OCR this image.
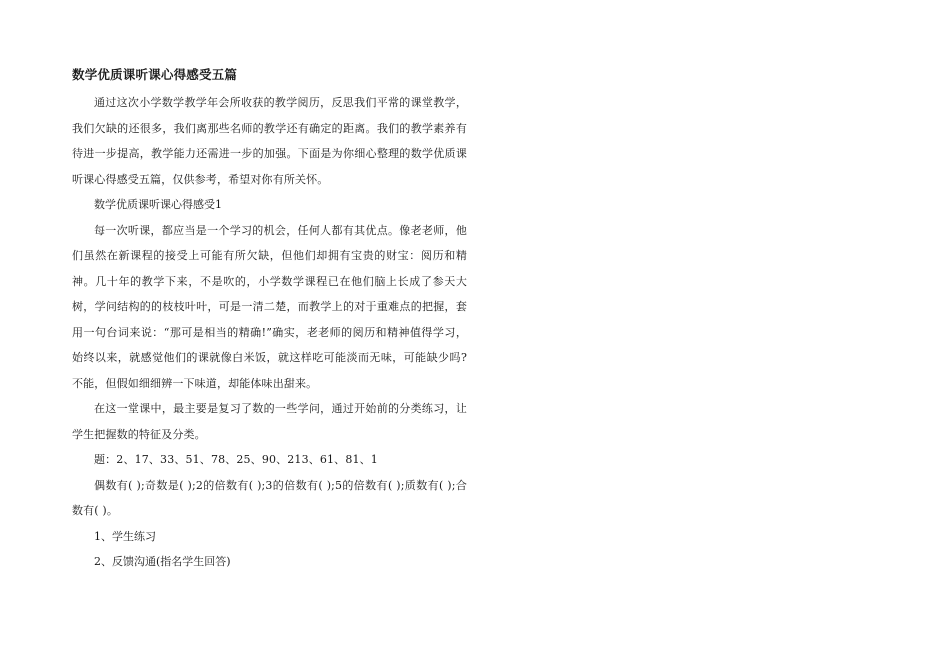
数学优质课听课心得感受五篇

通过这次小学数学教学年会所收获的教学阅历，反思我们平常的课堂教学，我们欠缺的还很多，我们离那些名师的教学还有确定的距离。我们的教学素养有待进一步提高，教学能力还需进一步的加强。下面是为你细心整理的数学优质课听课心得感受五篇，仅供参考，希望对你有所关怀。

数学优质课听课心得感受1

每一次听课，都应当是一个学习的机会，任何人都有其优点。像老老师，他们虽然在新课程的接受上可能有所欠缺，但他们却拥有宝贵的财宝：阅历和精神。几十年的教学下来，不是吹的，小学数学课程已在他们脑上长成了参天大树，学问结构的的枝枝叶叶，可是一清二楚，而教学上的对于重难点的把握，套用一句台词来说：“那可是相当的精确!”确实，老老师的阅历和精神值得学习，始终以来，就感觉他们的课就像白米饭，就这样吃可能淡而无味，可能缺少吗?不能，但假如细细辨一下味道，却能体味出甜来。

在这一堂课中，最主要是复习了数的一些学问，通过开始前的分类练习，让学生把握数的特征及分类。

题：2、17、33、51、78、25、90、213、61、81、1

偶数有( );奇数是( );2的倍数有( );3的倍数有( );5的倍数有( );质数有( );合数有( )。

1、学生练习

2、反馈沟通(指名学生回答)
